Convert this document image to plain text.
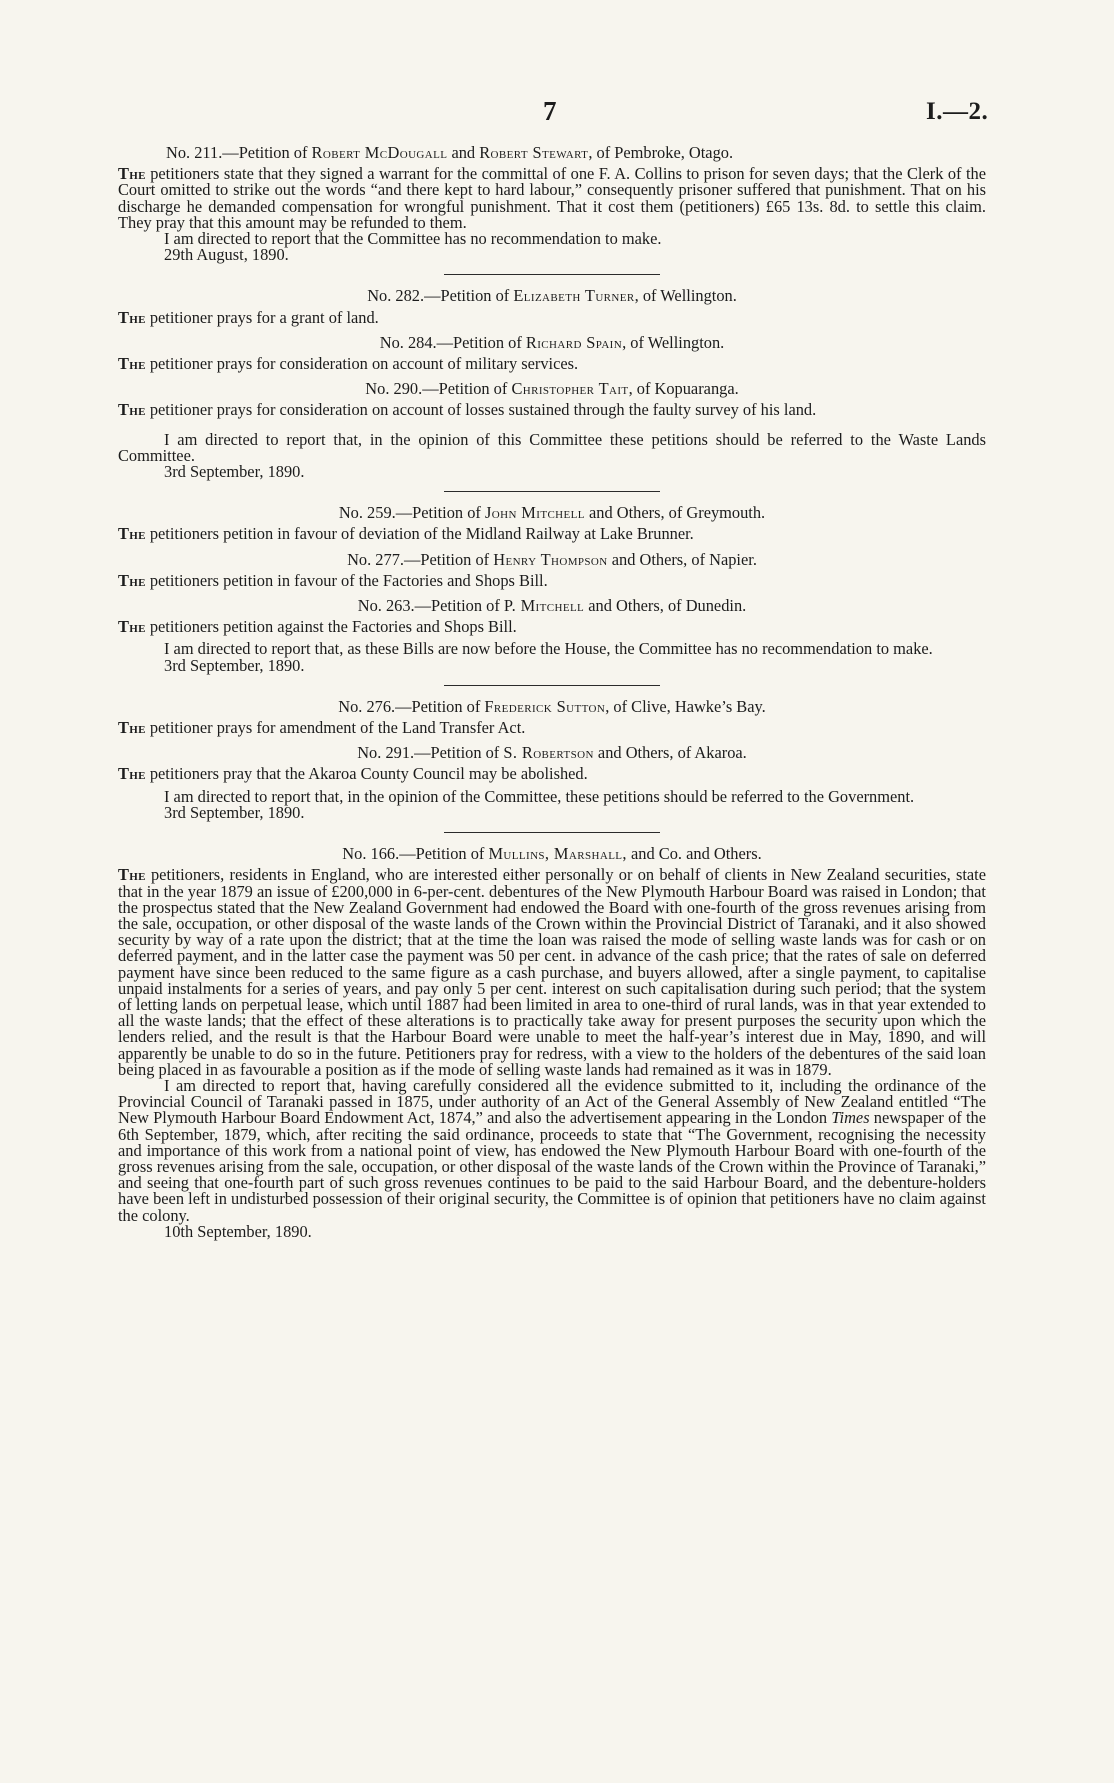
7	I.—2.
No. 211.—Petition of Robert McDougall and Robert Stewart, of Pembroke, Otago.

The petitioners state that they signed a warrant for the committal of one F. A. Collins to prison for seven days; that the Clerk of the Court omitted to strike out the words “and there kept to hard labour,” consequently prisoner suffered that punishment. That on his discharge he demanded compensation for wrongful punishment. That it cost them (petitioners) £65 13s. 8d. to settle this claim. They pray that this amount may be refunded to them.

I am directed to report that the Committee has no recommendation to make.

29th August, 1890.
No. 282.—Petition of Elizabeth Turner, of Wellington.

The petitioner prays for a grant of land.

No. 284.—Petition of Richard Spain, of Wellington.

The petitioner prays for consideration on account of military services.

No. 290.—Petition of Christopher Tait, of Kopuaranga.

The petitioner prays for consideration on account of losses sustained through the faulty survey of his land.

I am directed to report that, in the opinion of this Committee these petitions should be referred to the Waste Lands Committee.

3rd September, 1890.
No. 259.—Petition of John Mitchell and Others, of Greymouth.

The petitioners petition in favour of deviation of the Midland Railway at Lake Brunner.

No. 277.—Petition of Henry Thompson and Others, of Napier.

The petitioners petition in favour of the Factories and Shops Bill.

No. 263.—Petition of P. Mitchell and Others, of Dunedin.

The petitioners petition against the Factories and Shops Bill.

I am directed to report that, as these Bills are now before the House, the Committee has no recommendation to make.

3rd September, 1890.
No. 276.—Petition of Frederick Sutton, of Clive, Hawke’s Bay.

The petitioner prays for amendment of the Land Transfer Act.

No. 291.—Petition of S. Robertson and Others, of Akaroa.

The petitioners pray that the Akaroa County Council may be abolished.

I am directed to report that, in the opinion of the Committee, these petitions should be referred to the Government.

3rd September, 1890.
No. 166.—Petition of Mullins, Marshall, and Co. and Others.

The petitioners, residents in England, who are interested either personally or on behalf of clients in New Zealand securities, state that in the year 1879 an issue of £200,000 in 6-per-cent. debentures of the New Plymouth Harbour Board was raised in London; that the prospectus stated that the New Zealand Government had endowed the Board with one-fourth of the gross revenues arising from the sale, occupation, or other disposal of the waste lands of the Crown within the Provincial District of Taranaki, and it also showed security by way of a rate upon the district; that at the time the loan was raised the mode of selling waste lands was for cash or on deferred payment, and in the latter case the payment was 50 per cent. in advance of the cash price; that the rates of sale on deferred payment have since been reduced to the same figure as a cash purchase, and buyers allowed, after a single payment, to capitalise unpaid instalments for a series of years, and pay only 5 per cent. interest on such capitalisation during such period; that the system of letting lands on perpetual lease, which until 1887 had been limited in area to one-third of rural lands, was in that year extended to all the waste lands; that the effect of these alterations is to practically take away for present purposes the security upon which the lenders relied, and the result is that the Harbour Board were unable to meet the half-year’s interest due in May, 1890, and will apparently be unable to do so in the future. Petitioners pray for redress, with a view to the holders of the debentures of the said loan being placed in as favourable a position as if the mode of selling waste lands had remained as it was in 1879.

I am directed to report that, having carefully considered all the evidence submitted to it, including the ordinance of the Provincial Council of Taranaki passed in 1875, under authority of an Act of the General Assembly of New Zealand entitled “The New Plymouth Harbour Board Endowment Act, 1874,” and also the advertisement appearing in the London Times newspaper of the 6th September, 1879, which, after reciting the said ordinance, proceeds to state that “The Government, recognising the necessity and importance of this work from a national point of view, has endowed the New Plymouth Harbour Board with one-fourth of the gross revenues arising from the sale, occupation, or other disposal of the waste lands of the Crown within the Province of Taranaki,” and seeing that one-fourth part of such gross revenues continues to be paid to the said Harbour Board, and the debenture-holders have been left in undisturbed possession of their original security, the Committee is of opinion that petitioners have no claim against the colony.

10th September, 1890.
